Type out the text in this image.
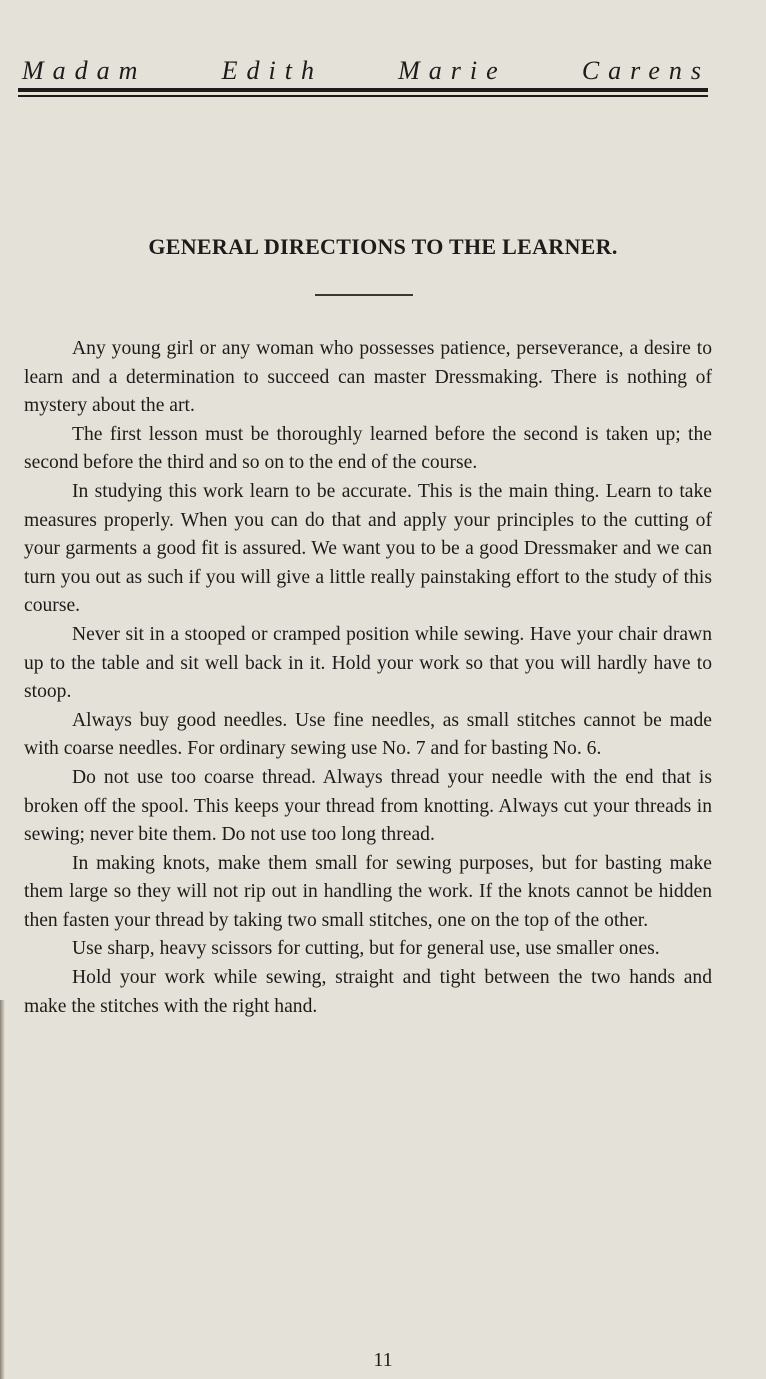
Madam	Edith	Marie	Carens
GENERAL DIRECTIONS TO THE LEARNER.

Any young girl or any woman who possesses patience, perseverance, a desire to learn and a determination to succeed can master Dressmaking. There is nothing of mystery about the art.

The first lesson must be thoroughly learned before the second is taken up; the second before the third and so on to the end of the course.

In studying this work learn to be accurate. This is the main thing. Learn to take measures properly. When you can do that and apply your principles to the cutting of your garments a good fit is assured. We want you to be a good Dressmaker and we can turn you out as such if you will give a little really painstaking effort to the study of this course.

Never sit in a stooped or cramped position while sewing. Have your chair drawn up to the table and sit well back in it. Hold your work so that you will hardly have to stoop.

Always buy good needles. Use fine needles, as small stitches cannot be made with coarse needles. For ordinary sewing use No. 7 and for basting No. 6.

Do not use too coarse thread. Always thread your needle with the end that is broken off the spool. This keeps your thread from knotting. Always cut your threads in sewing; never bite them. Do not use too long thread.

In making knots, make them small for sewing purposes, but for basting make them large so they will not rip out in handling the work. If the knots cannot be hidden then fasten your thread by taking two small stitches, one on the top of the other.

Use sharp, heavy scissors for cutting, but for general use, use smaller ones.

Hold your work while sewing, straight and tight between the two hands and make the stitches with the right hand.

11
